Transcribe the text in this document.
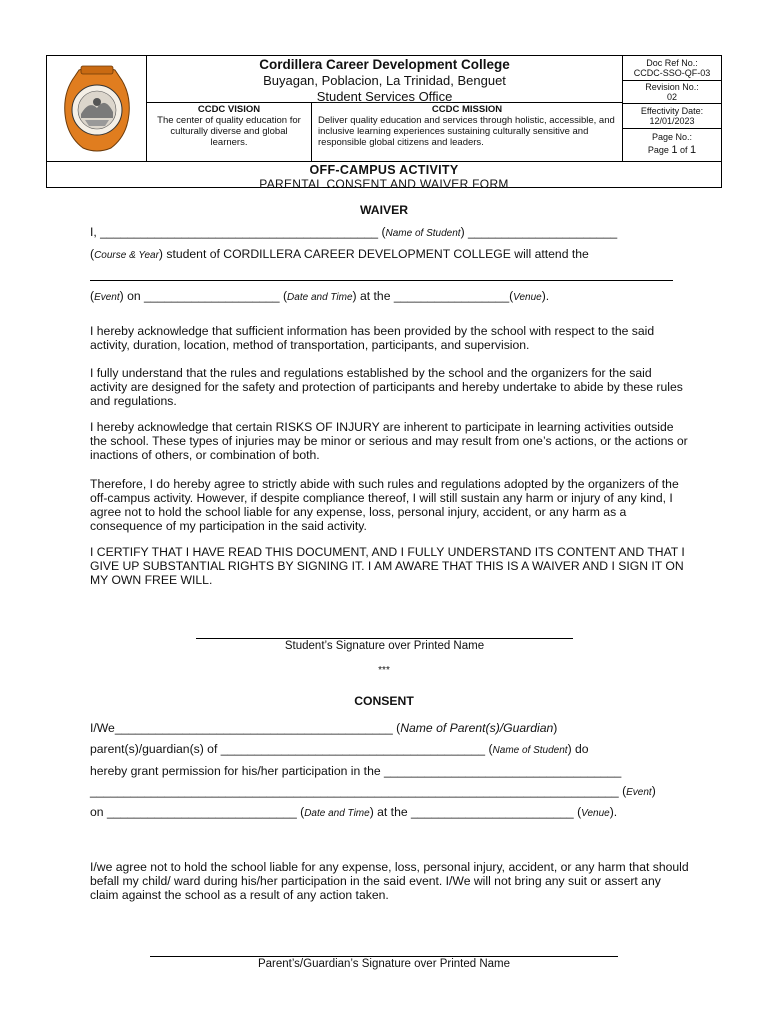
Cordillera Career Development College
Buyagan, Poblacion, La Trinidad, Benguet
Student Services Office
CCDC VISION
The center of quality education for culturally diverse and global learners.
CCDC MISSION
Deliver quality education and services through holistic, accessible, and inclusive learning experiences sustaining culturally sensitive and responsible global citizens and leaders.
Doc Ref No.:
CCDC-SSO-QF-03
Revision No.:
02
Effectivity Date:
12/01/2023
Page No.:
Page 1 of 1
OFF-CAMPUS ACTIVITY
PARENTAL CONSENT AND WAIVER FORM
WAIVER
I, _________________________________________ (Name of Student) ______________________
(Course & Year) student of CORDILLERA CAREER DEVELOPMENT COLLEGE will attend the
(Event) on ____________________ (Date and Time) at the _________________(Venue).
I hereby acknowledge that sufficient information has been provided by the school with respect to the said activity, duration, location, method of transportation, participants, and supervision.
I fully understand that the rules and regulations established by the school and the organizers for the said activity are designed for the safety and protection of participants and hereby undertake to abide by these rules and regulations.
I hereby acknowledge that certain RISKS OF INJURY are inherent to participate in learning activities outside the school. These types of injuries may be minor or serious and may result from one’s actions, or the actions or inactions of others, or combination of both.
Therefore, I do hereby agree to strictly abide with such rules and regulations adopted by the organizers of the off-campus activity. However, if despite compliance thereof, I will still sustain any harm or injury of any kind, I agree not to hold the school liable for any expense, loss, personal injury, accident, or any harm as a consequence of my participation in the said activity.
I CERTIFY THAT I HAVE READ THIS DOCUMENT, AND I FULLY UNDERSTAND ITS CONTENT AND THAT I GIVE UP SUBSTANTIAL RIGHTS BY SIGNING IT. I AM AWARE THAT THIS IS A WAIVER AND I SIGN IT ON MY OWN FREE WILL.
Student’s Signature over Printed Name
***
CONSENT
I/We_________________________________________ (Name of Parent(s)/Guardian)
parent(s)/guardian(s) of _______________________________________ (Name of Student) do
hereby grant permission for his/her participation in the ___________________________________
______________________________________________________________________________ (Event)
on ____________________________ (Date and Time) at the ________________________ (Venue).
I/we agree not to hold the school liable for any expense, loss, personal injury, accident, or any harm that should befall my child/ ward during his/her participation in the said event. I/We will not bring any suit or assert any claim against the school as a result of any action taken.
Parent’s/Guardian’s Signature over Printed Name
